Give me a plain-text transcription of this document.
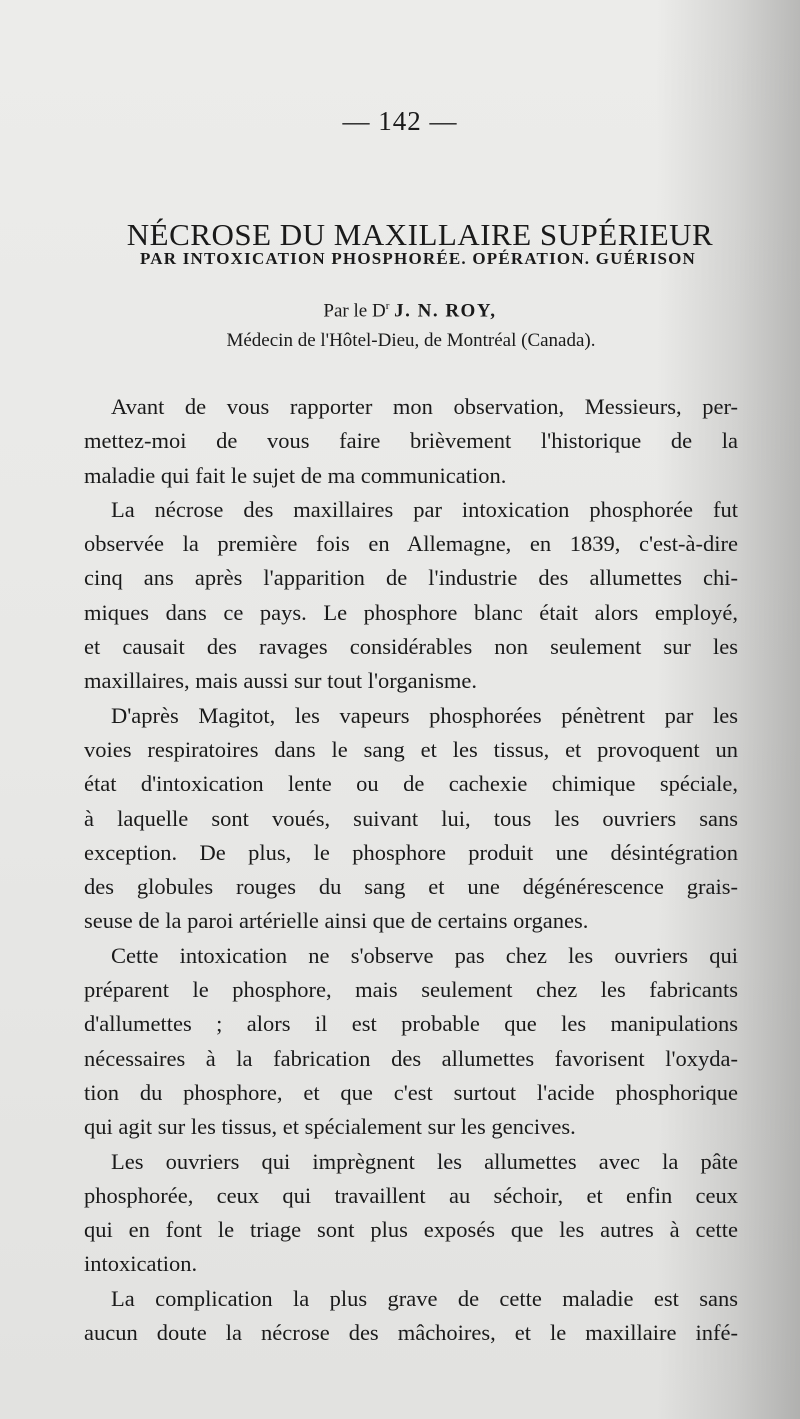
— 142 —
NÉCROSE DU MAXILLAIRE SUPÉRIEUR
PAR INTOXICATION PHOSPHORÉE. OPÉRATION. GUÉRISON
Par le $D^r$ J. N. ROY,
Médecin de l'Hôtel-Dieu, de Montréal (Canada).

Avant de vous rapporter mon observation, Messieurs, per-
mettez-moi de vous faire brièvement l'historique de la
maladie qui fait le sujet de ma communication.

La nécrose des maxillaires par intoxication phosphorée fut
observée la première fois en Allemagne, en 1839, c'est-à-dire
cinq ans après l'apparition de l'industrie des allumettes chi-
miques dans ce pays. Le phosphore blanc était alors employé,
et causait des ravages considérables non seulement sur les
maxillaires, mais aussi sur tout l'organisme.

D'après Magitot, les vapeurs phosphorées pénètrent par les
voies respiratoires dans le sang et les tissus, et provoquent un
état d'intoxication lente ou de cachexie chimique spéciale,
à laquelle sont voués, suivant lui, tous les ouvriers sans
exception. De plus, le phosphore produit une désintégration
des globules rouges du sang et une dégénérescence grais-
seuse de la paroi artérielle ainsi que de certains organes.

Cette intoxication ne s'observe pas chez les ouvriers qui
préparent le phosphore, mais seulement chez les fabricants
d'allumettes ; alors il est probable que les manipulations
nécessaires à la fabrication des allumettes favorisent l'oxyda-
tion du phosphore, et que c'est surtout l'acide phosphorique
qui agit sur les tissus, et spécialement sur les gencives.

Les ouvriers qui imprègnent les allumettes avec la pâte
phosphorée, ceux qui travaillent au séchoir, et enfin ceux
qui en font le triage sont plus exposés que les autres à cette
intoxication.

La complication la plus grave de cette maladie est sans
aucun doute la nécrose des mâchoires, et le maxillaire infé-
